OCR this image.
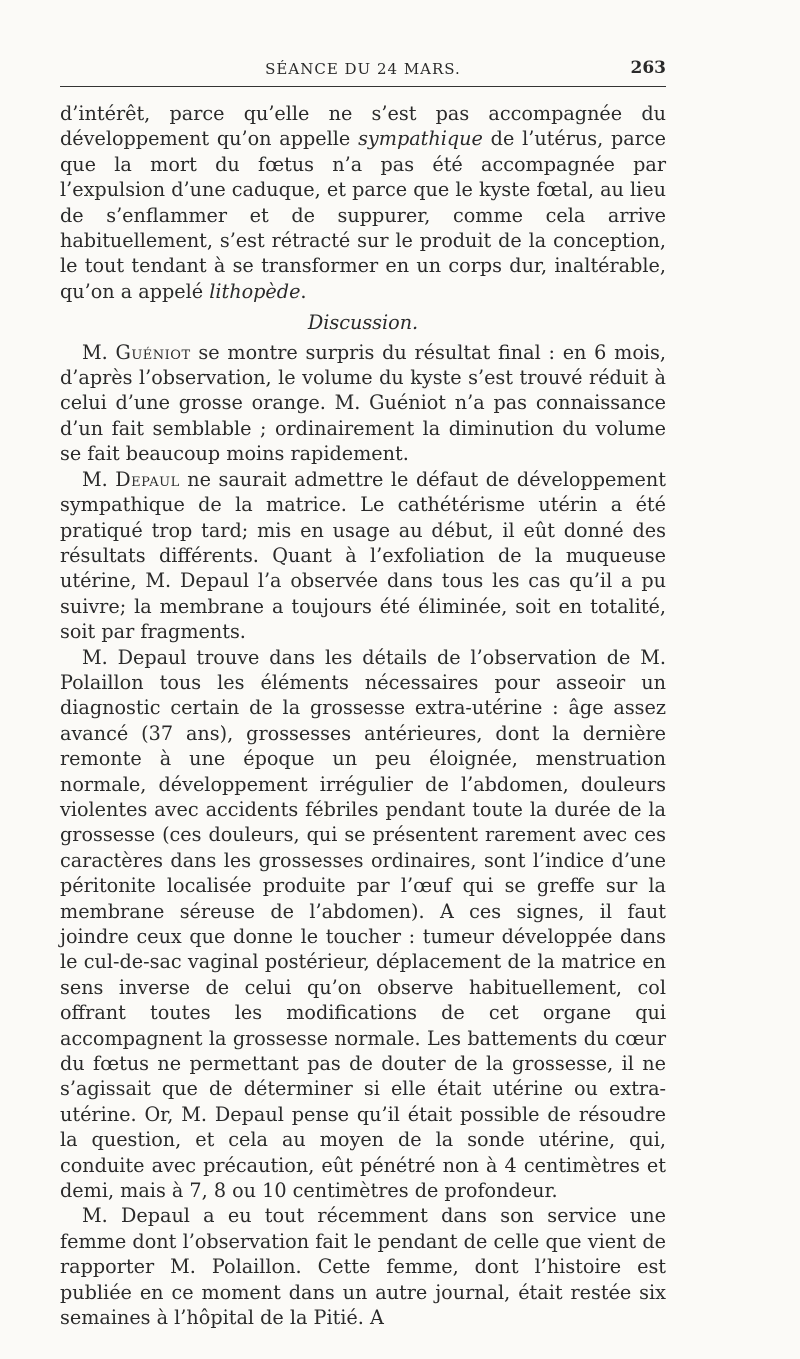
SÉANCE DU 24 MARS.	263

d’intérêt, parce qu’elle ne s’est pas accompagnée du développement qu’on appelle sympathique de l’utérus, parce que la mort du fœtus n’a pas été accompagnée par l’expulsion d’une caduque, et parce que le kyste fœtal, au lieu de s’enflammer et de suppurer, comme cela arrive habituellement, s’est rétracté sur le produit de la conception, le tout tendant à se transformer en un corps dur, inaltérable, qu’on a appelé lithopède.

Discussion.

M. Guéniot se montre surpris du résultat final : en 6 mois, d’après l’observation, le volume du kyste s’est trouvé réduit à celui d’une grosse orange. M. Guéniot n’a pas connaissance d’un fait semblable ; ordinairement la diminution du volume se fait beaucoup moins rapidement.

M. Depaul ne saurait admettre le défaut de développement sympathique de la matrice. Le cathétérisme utérin a été pratiqué trop tard; mis en usage au début, il eût donné des résultats différents. Quant à l’exfoliation de la muqueuse utérine, M. Depaul l’a observée dans tous les cas qu’il a pu suivre; la membrane a toujours été éliminée, soit en totalité, soit par fragments.

M. Depaul trouve dans les détails de l’observation de M. Polaillon tous les éléments nécessaires pour asseoir un diagnostic certain de la grossesse extra-utérine : âge assez avancé (37 ans), grossesses antérieures, dont la dernière remonte à une époque un peu éloignée, menstruation normale, développement irrégulier de l’abdomen, douleurs violentes avec accidents fébriles pendant toute la durée de la grossesse (ces douleurs, qui se présentent rarement avec ces caractères dans les grossesses ordinaires, sont l’indice d’une péritonite localisée produite par l’œuf qui se greffe sur la membrane séreuse de l’abdomen). A ces signes, il faut joindre ceux que donne le toucher : tumeur développée dans le cul-de-sac vaginal postérieur, déplacement de la matrice en sens inverse de celui qu’on observe habituellement, col offrant toutes les modifications de cet organe qui accompagnent la grossesse normale. Les battements du cœur du fœtus ne permettant pas de douter de la grossesse, il ne s’agissait que de déterminer si elle était utérine ou extra-utérine. Or, M. Depaul pense qu’il était possible de résoudre la question, et cela au moyen de la sonde utérine, qui, conduite avec précaution, eût pénétré non à 4 centimètres et demi, mais à 7, 8 ou 10 centimètres de profondeur.

M. Depaul a eu tout récemment dans son service une femme dont l’observation fait le pendant de celle que vient de rapporter M. Polaillon. Cette femme, dont l’histoire est publiée en ce moment dans un autre journal, était restée six semaines à l’hôpital de la Pitié. A
